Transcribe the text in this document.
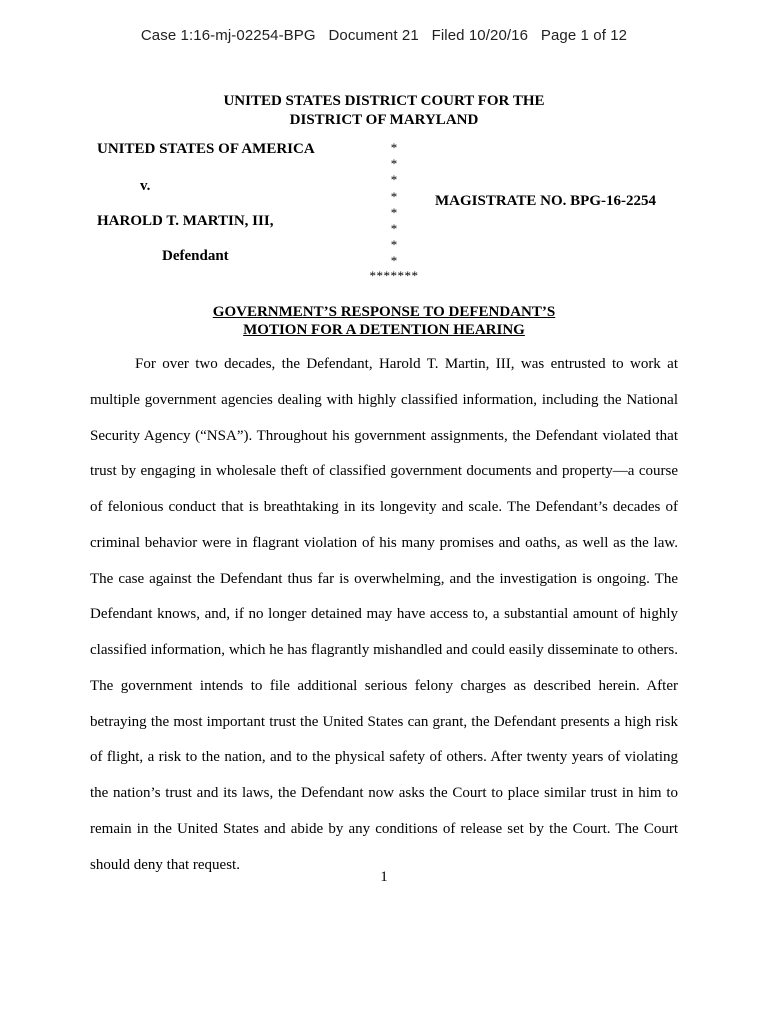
Case 1:16-mj-02254-BPG   Document 21   Filed 10/20/16   Page 1 of 12
UNITED STATES DISTRICT COURT FOR THE
DISTRICT OF MARYLAND
UNITED STATES OF AMERICA
v.
HAROLD T. MARTIN, III,
Defendant
*
*
*
*
*
*
*
*
*******
MAGISTRATE NO. BPG-16-2254
GOVERNMENT’S RESPONSE TO DEFENDANT’S
MOTION FOR A DETENTION HEARING
For over two decades, the Defendant, Harold T. Martin, III, was entrusted to work at
multiple government agencies dealing with highly classified information, including the National
Security Agency (“NSA”). Throughout his government assignments, the Defendant violated that
trust by engaging in wholesale theft of classified government documents and property—a course
of felonious conduct that is breathtaking in its longevity and scale. The Defendant’s decades of
criminal behavior were in flagrant violation of his many promises and oaths, as well as the law.
The case against the Defendant thus far is overwhelming, and the investigation is ongoing. The
Defendant knows, and, if no longer detained may have access to, a substantial amount of highly
classified information, which he has flagrantly mishandled and could easily disseminate to others.
The government intends to file additional serious felony charges as described herein. After
betraying the most important trust the United States can grant, the Defendant presents a high risk
of flight, a risk to the nation, and to the physical safety of others. After twenty years of violating
the nation’s trust and its laws, the Defendant now asks the Court to place similar trust in him to
remain in the United States and abide by any conditions of release set by the Court. The Court
should deny that request.
1
